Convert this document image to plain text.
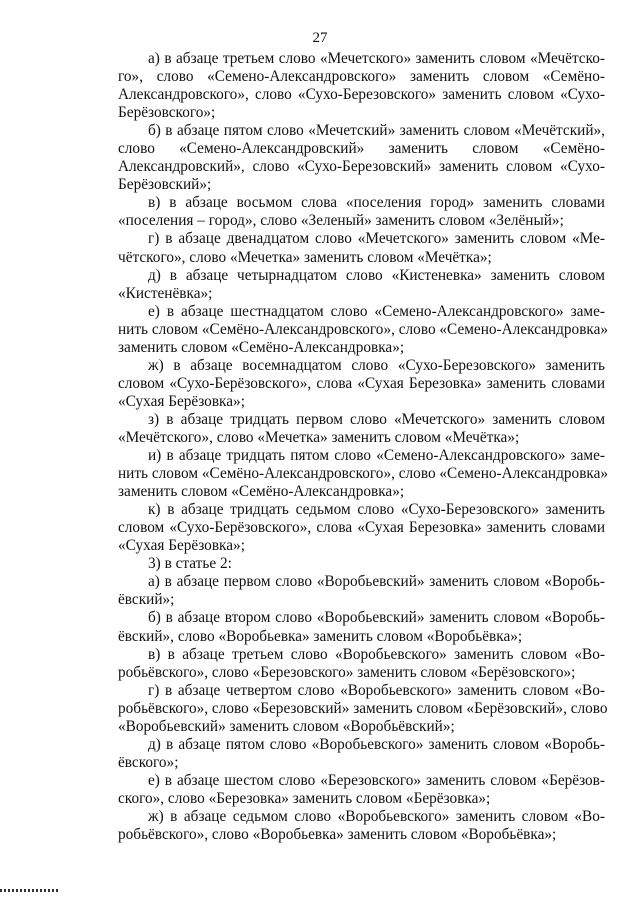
27

а) в абзаце третьем слово «Мечетского» заменить словом «Мечётско-
го», слово «Семено-Александровского» заменить словом «Семёно-
Александровского», слово «Сухо-Березовского» заменить словом «Сухо-
Берёзовского»;

б) в абзаце пятом слово «Мечетский» заменить словом «Мечётский»,
слово «Семено-Александровский» заменить словом «Семёно-
Александровский», слово «Сухо-Березовский» заменить словом «Сухо-
Берёзовский»;

в) в абзаце восьмом слова «поселения город» заменить словами
«поселения – город», слово «Зеленый» заменить словом «Зелёный»;

г) в абзаце двенадцатом слово «Мечетского» заменить словом «Ме-
чётского», слово «Мечетка» заменить словом «Мечётка»;

д) в абзаце четырнадцатом слово «Кистеневка» заменить словом
«Кистенёвка»;

е) в абзаце шестнадцатом слово «Семено-Александровского» заме-
нить словом «Семёно-Александровского», слово «Семено-Александровка»
заменить словом «Семёно-Александровка»;

ж) в абзаце восемнадцатом слово «Сухо-Березовского» заменить
словом «Сухо-Берёзовского», слова «Сухая Березовка» заменить словами
«Сухая Берёзовка»;

з) в абзаце тридцать первом слово «Мечетского» заменить словом
«Мечётского», слово «Мечетка» заменить словом «Мечётка»;

и) в абзаце тридцать пятом слово «Семено-Александровского» заме-
нить словом «Семёно-Александровского», слово «Семено-Александровка»
заменить словом «Семёно-Александровка»;

к) в абзаце тридцать седьмом слово «Сухо-Березовского» заменить
словом «Сухо-Берёзовского», слова «Сухая Березовка» заменить словами
«Сухая Берёзовка»;

3) в статье 2:

а) в абзаце первом слово «Воробьевский» заменить словом «Воробь-
ёвский»;

б) в абзаце втором слово «Воробьевский» заменить словом «Воробь-
ёвский», слово «Воробьевка» заменить словом «Воробьёвка»;

в) в абзаце третьем слово «Воробьевского» заменить словом «Во-
робьёвского», слово «Березовского» заменить словом «Берёзовского»;

г) в абзаце четвертом слово «Воробьевского» заменить словом «Во-
робьёвского», слово «Березовский» заменить словом «Берёзовский», слово
«Воробьевский» заменить словом «Воробьёвский»;

д) в абзаце пятом слово «Воробьевского» заменить словом «Воробь-
ёвского»;

е) в абзаце шестом слово «Березовского» заменить словом «Берёзов-
ского», слово «Березовка» заменить словом «Берёзовка»;

ж) в абзаце седьмом слово «Воробьевского» заменить словом «Во-
робьёвского», слово «Воробьевка» заменить словом «Воробьёвка»;
